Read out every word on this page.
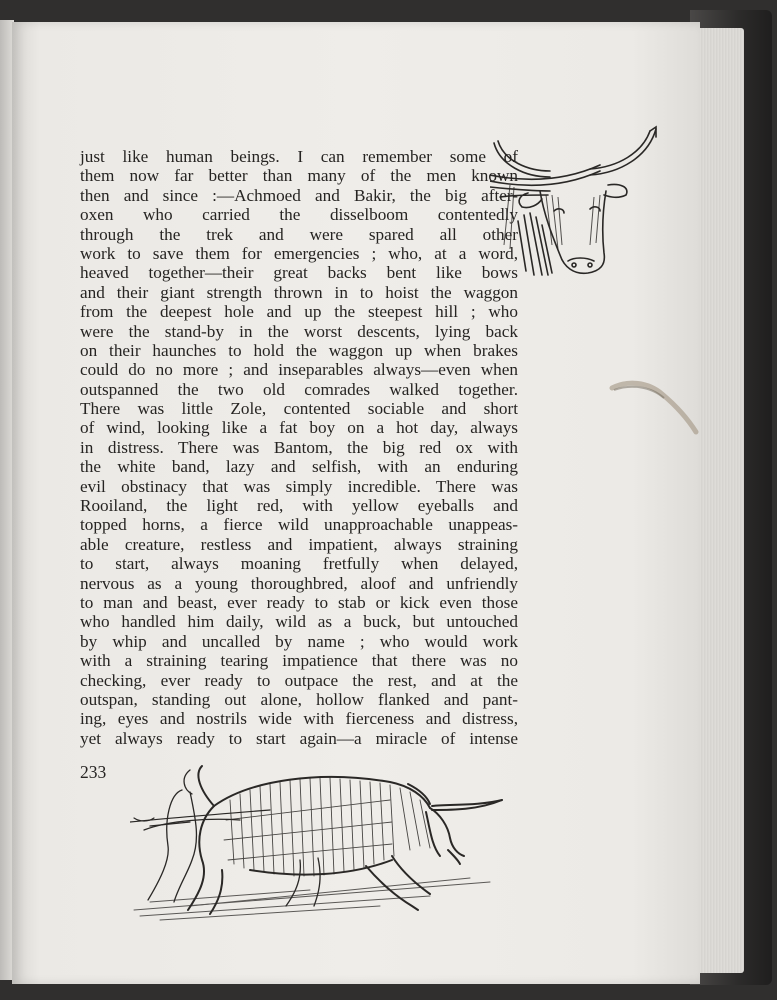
just like human beings. I can remember some of
them now far better than many of the men known
then and since :—Achmoed and Bakir, the big after-
oxen who carried the disselboom contentedly
through the trek and were spared all other
work to save them for emergencies ; who, at a word,
heaved together—their great backs bent like bows
and their giant strength thrown in to hoist the waggon
from the deepest hole and up the steepest hill ; who
were the stand-by in the worst descents, lying back
on their haunches to hold the waggon up when brakes
could do no more ; and inseparables always—even when
outspanned the two old comrades walked together.
There was little Zole, contented sociable and short
of wind, looking like a fat boy on a hot day, always
in distress. There was Bantom, the big red ox with
the white band, lazy and selfish, with an enduring
evil obstinacy that was simply incredible. There was
Rooiland, the light red, with yellow eyeballs and
topped horns, a fierce wild unapproachable unappeas-
able creature, restless and impatient, always straining
to start, always moaning fretfully when delayed,
nervous as a young thoroughbred, aloof and unfriendly
to man and beast, ever ready to stab or kick even those
who handled him daily, wild as a buck, but untouched
by whip and uncalled by name ; who would work
with a straining tearing impatience that there was no
checking, ever ready to outpace the rest, and at the
outspan, standing out alone, hollow flanked and pant-
ing, eyes and nostrils wide with fierceness and distress,
yet always ready to start again—a miracle of intense
233
